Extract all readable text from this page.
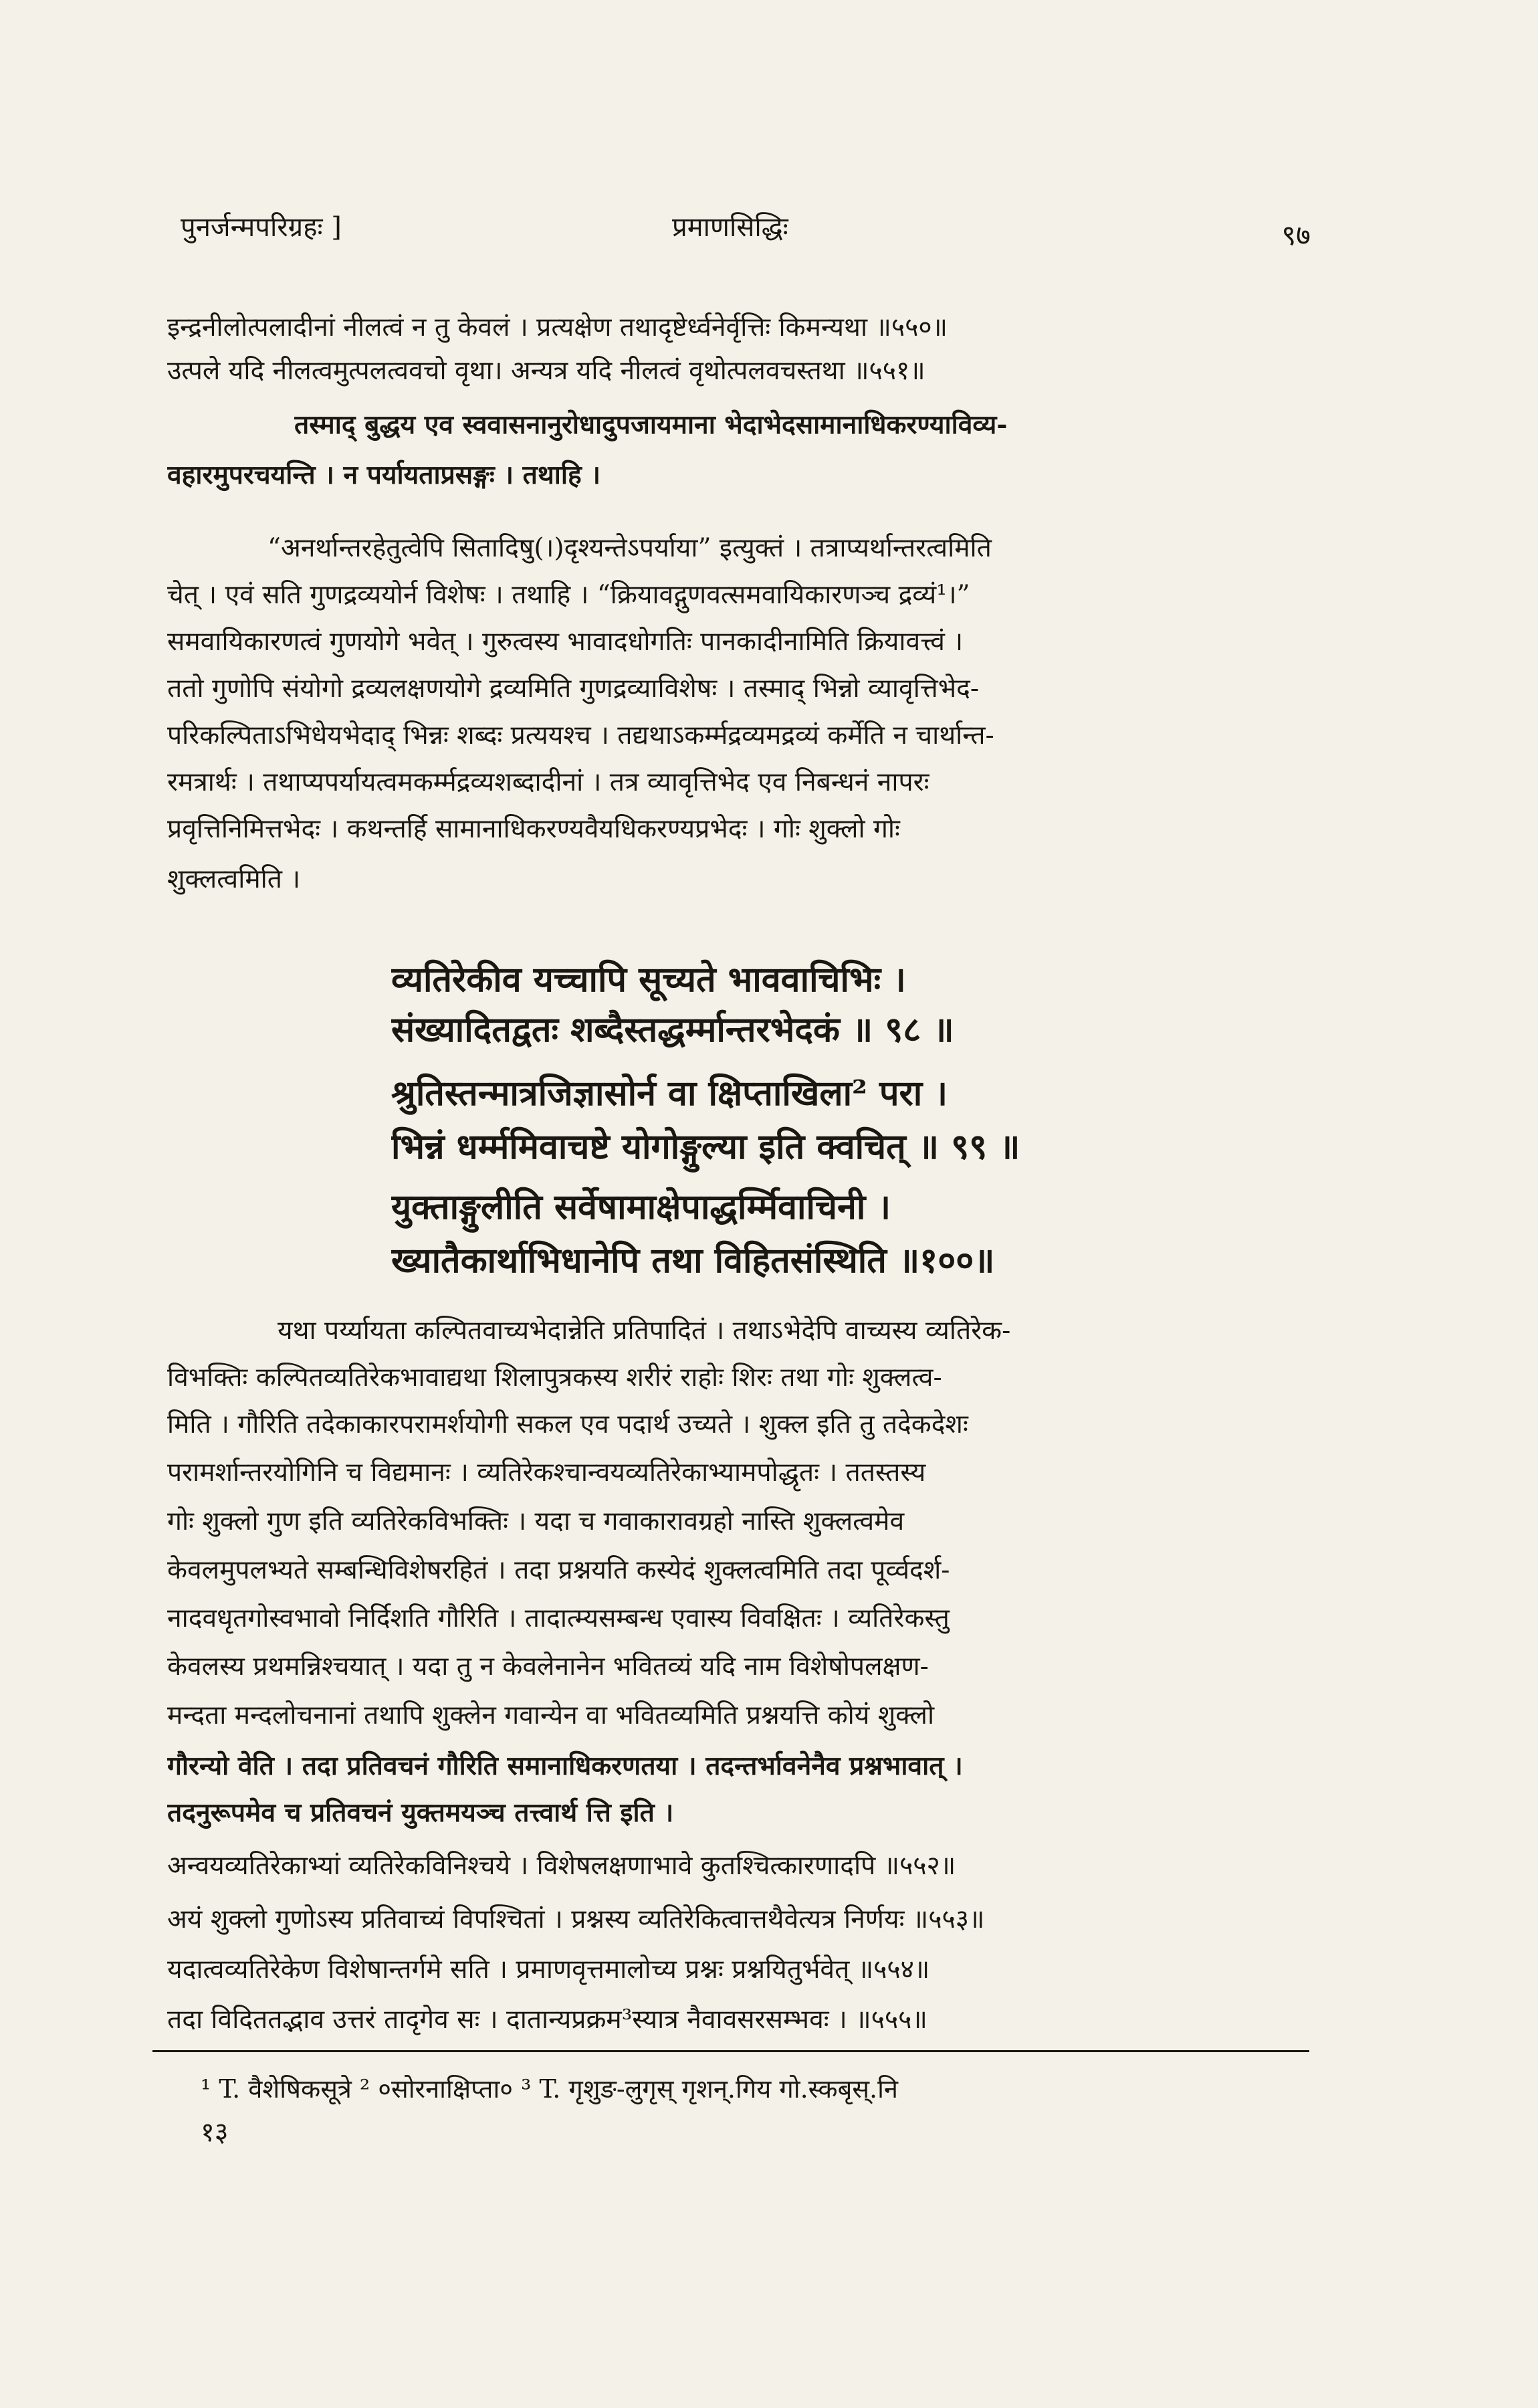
पुनर्जन्मपरिग्रहः ]	प्रमाणसिद्धिः	९७
इन्द्रनीलोत्पलादीनां नीलत्वं न तु केवलं । प्रत्यक्षेण तथादृष्टेर्ध्वनेर्वृत्तिः किमन्यथा ॥५५०॥
उत्पले यदि नीलत्वमुत्पलत्ववचो वृथा। अन्यत्र यदि नीलत्वं वृथोत्पलवचस्तथा ॥५५१॥
तस्माद् बुद्धय एव स्ववासनानुरोधादुपजायमाना भेदाभेदसामानाधिकरण्याविव्य-
वहारमुपरचयन्ति । न पर्यायताप्रसङ्गः । तथाहि ।
“अनर्थान्तरहेतुत्वेपि सितादिषु(।)दृश्यन्तेऽपर्याया” इत्युक्तं । तत्राप्यर्थान्तरत्वमिति
चेत् । एवं सति गुणद्रव्ययोर्न विशेषः । तथाहि । “क्रियावद्गुणवत्समवायिकारणञ्च द्रव्यं¹।”
समवायिकारणत्वं गुणयोगे भवेत् । गुरुत्वस्य भावादधोगतिः पानकादीनामिति क्रियावत्त्वं ।
ततो गुणोपि संयोगो द्रव्यलक्षणयोगे द्रव्यमिति गुणद्रव्याविशेषः । तस्माद् भिन्नो व्यावृत्तिभेद-
परिकल्पिताऽभिधेयभेदाद् भिन्नः शब्दः प्रत्ययश्च । तद्यथाऽकर्म्मद्रव्यमद्रव्यं कर्मेति न चार्थान्त-
रमत्रार्थः । तथाप्यपर्यायत्वमकर्म्मद्रव्यशब्दादीनां । तत्र व्यावृत्तिभेद एव निबन्धनं नापरः
प्रवृत्तिनिमित्तभेदः । कथन्तर्हि सामानाधिकरण्यवैयधिकरण्यप्रभेदः । गोः शुक्लो गोः
शुक्लत्वमिति ।
व्यतिरेकीव यच्चापि सूच्यते भाववाचिभिः ।
संख्यादितद्वतः शब्दैस्तद्धर्म्मान्तरभेदकं ॥ ९८ ॥
श्रुतिस्तन्मात्रजिज्ञासोर्न वा क्षिप्ताखिला² परा ।
भिन्नं धर्म्ममिवाचष्टे योगोङ्गुल्या इति क्वचित् ॥ ९९ ॥
युक्ताङ्गुलीति सर्वेषामाक्षेपाद्धर्म्मिवाचिनी ।
ख्यातैकार्थाभिधानेपि तथा विहितसंस्थिति ॥१००॥
यथा पर्य्यायता कल्पितवाच्यभेदान्नेति प्रतिपादितं । तथाऽभेदेपि वाच्यस्य व्यतिरेक-
विभक्तिः कल्पितव्यतिरेकभावाद्यथा शिलापुत्रकस्य शरीरं राहोः शिरः तथा गोः शुक्लत्व-
मिति । गौरिति तदेकाकारपरामर्शयोगी सकल एव पदार्थ उच्यते । शुक्ल इति तु तदेकदेशः
परामर्शान्तरयोगिनि च विद्यमानः । व्यतिरेकश्चान्वयव्यतिरेकाभ्यामपोद्धृतः । ततस्तस्य
गोः शुक्लो गुण इति व्यतिरेकविभक्तिः । यदा च गवाकारावग्रहो नास्ति शुक्लत्वमेव
केवलमुपलभ्यते सम्बन्धिविशेषरहितं । तदा प्रश्नयति कस्येदं शुक्लत्वमिति तदा पूर्व्वदर्श-
नादवधृतगोस्वभावो निर्दिशति गौरिति । तादात्म्यसम्बन्ध एवास्य विवक्षितः । व्यतिरेकस्तु
केवलस्य प्रथमन्निश्चयात् । यदा तु न केवलेनानेन भवितव्यं यदि नाम विशेषोपलक्षण-
मन्दता मन्दलोचनानां तथापि शुक्लेन गवान्येन वा भवितव्यमिति प्रश्नयत्ति कोयं शुक्लो
गौरन्यो वेति । तदा प्रतिवचनं गौरिति समानाधिकरणतया । तदन्तर्भावनेनैव प्रश्नभावात् ।
तदनुरूपमेव च प्रतिवचनं युक्तमयञ्च तत्त्वार्थ त्ति इति ।
अन्वयव्यतिरेकाभ्यां व्यतिरेकविनिश्चये । विशेषलक्षणाभावे कुतश्चित्कारणादपि ॥५५२॥
अयं शुक्लो गुणोऽस्य प्रतिवाच्यं विपश्चितां । प्रश्नस्य व्यतिरेकित्वात्तथैवेत्यत्र निर्णयः ॥५५३॥
यदात्वव्यतिरेकेण विशेषान्तर्गमे सति । प्रमाणवृत्तमालोच्य प्रश्नः प्रश्नयितुर्भवेत् ॥५५४॥
तदा विदिततद्भाव उत्तरं तादृगेव सः । दातान्यप्रक्रम³स्यात्र नैवावसरसम्भवः । ॥५५५॥
¹ T. वैशेषिकसूत्रे ² ०सोरनाक्षिप्ता० ³ T. गृशुङ-लुगृस् गृशन्.गिय गो.स्कबृस्.नि
१३
